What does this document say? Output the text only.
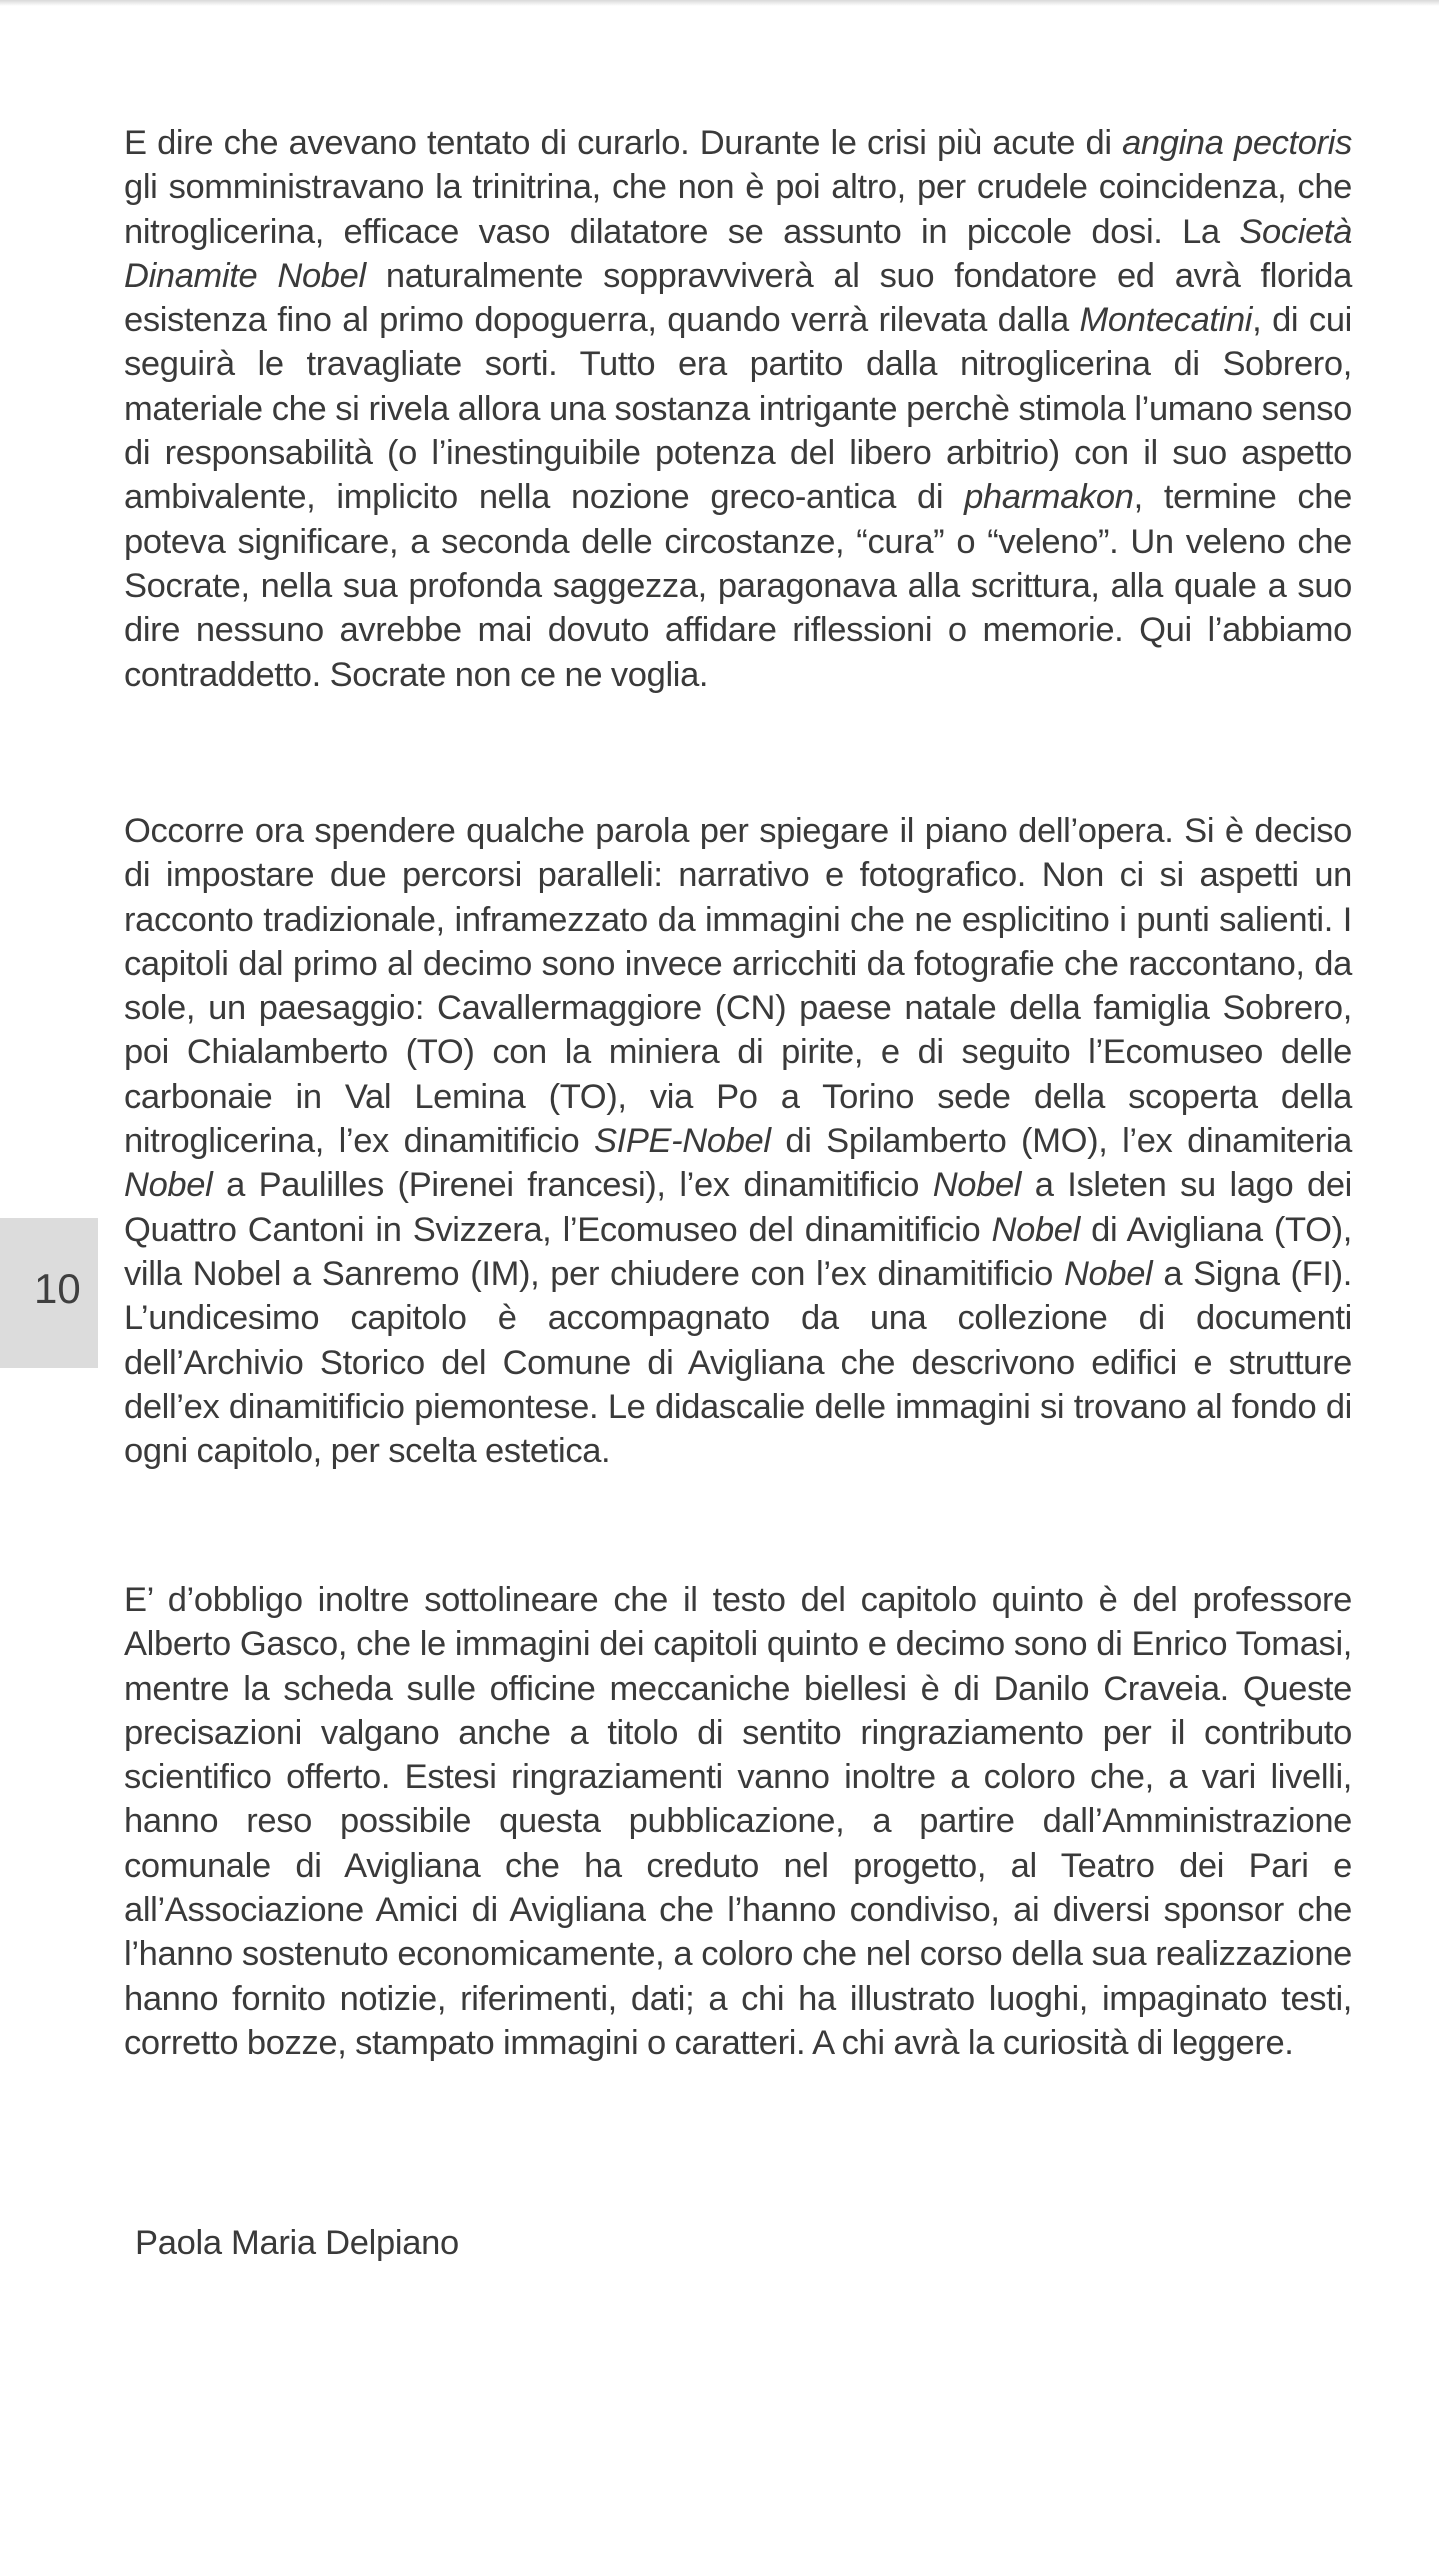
10
E dire che avevano tentato di curarlo. Durante le crisi più acute di angina pectoris gli somministravano la trinitrina, che non è poi altro, per crudele coincidenza, che nitroglicerina, efficace vaso dilatatore se assunto in piccole dosi. La Società Dinamite Nobel naturalmente soppravviverà al suo fondatore ed avrà florida esistenza fino al primo dopoguerra, quando verrà rilevata dalla Montecatini, di cui seguirà le travagliate sorti. Tutto era partito dalla nitroglicerina di Sobrero, materiale che si rivela allora una sostanza intrigante perchè stimola l’umano senso di responsabilità (o l’inestinguibile potenza del libero arbitrio) con il suo aspetto ambivalente, implicito nella nozione greco-antica di pharmakon, termine che poteva significare, a seconda delle circostanze, “cura” o “veleno”. Un veleno che Socrate, nella sua profonda saggezza, paragonava alla scrittura, alla quale a suo dire nessuno avrebbe mai dovuto affidare riflessioni o memorie. Qui l’abbiamo contraddetto. Socrate non ce ne voglia.
Occorre ora spendere qualche parola per spiegare il piano dell’opera. Si è deciso di impostare due percorsi paralleli: narrativo e fotografico. Non ci si aspetti un racconto tradizionale, inframezzato da immagini che ne esplicitino i punti salienti. I capitoli dal primo al decimo sono invece arricchiti da fotografie che raccontano, da sole, un paesaggio: Cavallermaggiore (CN) paese natale della famiglia Sobrero, poi Chialamberto (TO) con la miniera di pirite, e di seguito l’Ecomuseo delle carbonaie in Val Lemina (TO), via Po a Torino sede della scoperta della nitroglicerina, l’ex dinamitificio SIPE-Nobel di Spilamberto (MO), l’ex dinamiteria Nobel a Paulilles (Pirenei francesi), l’ex dinamitificio Nobel a Isleten su lago dei Quattro Cantoni in Svizzera, l’Ecomuseo del dinamitificio Nobel di Avigliana (TO), villa Nobel a Sanremo (IM), per chiudere con l’ex dinamitificio Nobel a Signa (FI). L’undicesimo capitolo è accompagnato da una collezione di documenti dell’Archivio Storico del Comune di Avigliana che descrivono edifici e strutture dell’ex dinamitificio piemontese. Le didascalie delle immagini si trovano al fondo di ogni capitolo, per scelta estetica.
E’ d’obbligo inoltre sottolineare che il testo del capitolo quinto è del professore Alberto Gasco, che le immagini dei capitoli quinto e decimo sono di Enrico Tomasi, mentre la scheda sulle officine meccaniche biellesi è di Danilo Craveia. Queste precisazioni valgano anche a titolo di sentito ringraziamento per il contributo scientifico offerto. Estesi ringraziamenti vanno inoltre a coloro che, a vari livelli, hanno reso possibile questa pubblicazione, a partire dall’Amministrazione comunale di Avigliana che ha creduto nel progetto, al Teatro dei Pari e all’Associazione Amici di Avigliana che l’hanno condiviso, ai diversi sponsor che l’hanno sostenuto economicamente, a coloro che nel corso della sua realizzazione hanno fornito notizie, riferimenti, dati; a chi ha illustrato luoghi, impaginato testi, corretto bozze, stampato immagini o caratteri. A chi avrà la curiosità di leggere.
Paola Maria Delpiano
